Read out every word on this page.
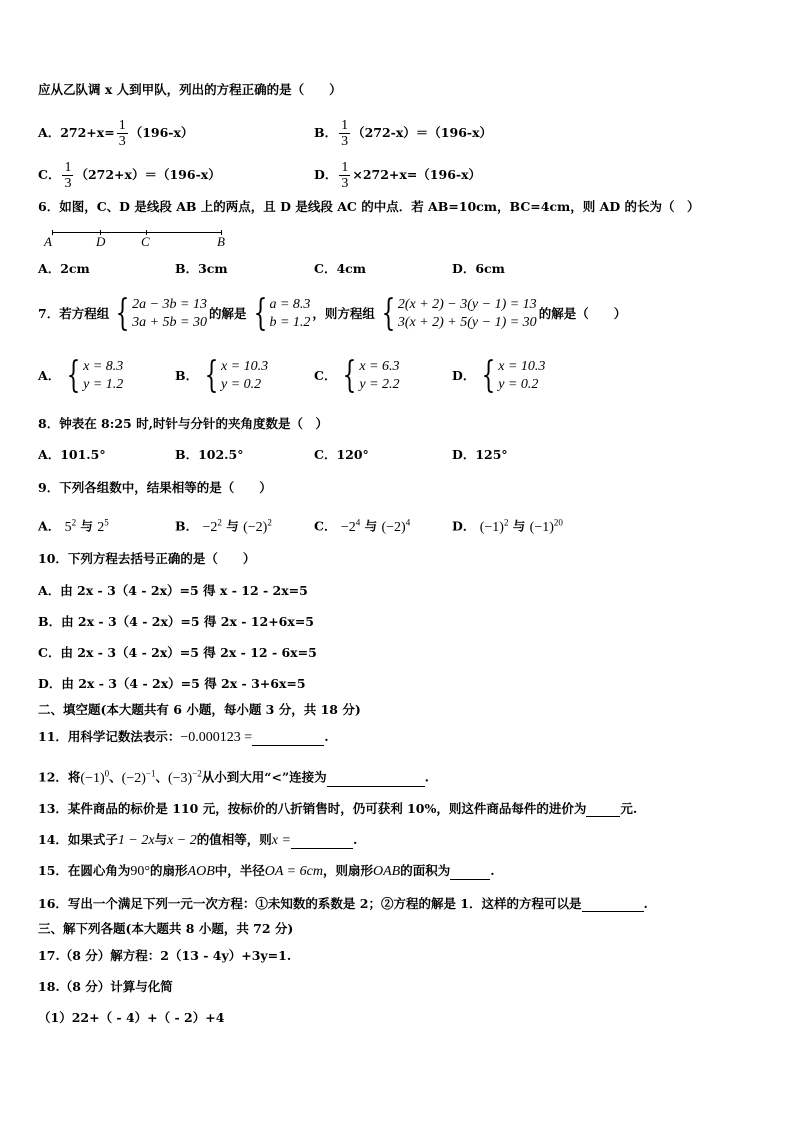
应从乙队调 x 人到甲队，列出的方程正确的是（　　）
A．$272+x= \frac{1}{3} (196-x)$	B． $\frac{1}{3} (272-x)=(196-x)$
C． $\frac{1}{3} (272+x)=(196-x)$	D． $\frac{1}{3} \times 272+x=(196-x)$
6．如图，C、D 是线段 AB 上的两点，且 D 是线段 AC 的中点．若 AB=10cm，BC=4cm，则 AD 的长为（　）
A	D	C	B
A．2cm	B．3cm	C．4cm	D．6cm
7．若方程组 { 2a − 3b = 13
3a + 5b = 30
的解是 { a = 8.3
b = 1.2
，则方程组 { 2(x + 2) − 3(y − 1) = 13
3(x + 2) + 5(y − 1) = 30
的解是（　　）
A． { x = 8.3
y = 1.2
B． { x = 10.3
y = 0.2
C． { x = 6.3
y = 2.2
D． { x = 10.3
y = 0.2
8．钟表在 8:25 时,时针与分针的夹角度数是（　）
A．101.5°	B．102.5°	C．120°	D．125°
9．下列各组数中，结果相等的是（　　）
A． $5^2$ 与 $2^5$	B． $-2^2$ 与 $(-2)^2$	C． $-2^4$ 与 $(-2)^4$	D． $(-1)^2$ 与 $(-1)^{20}$
10．下列方程去括号正确的是（　　）
A．由 2x - 3（4 - 2x）=5 得 x - 12 - 2x=5
B．由 2x - 3（4 - 2x）=5 得 2x - 12+6x=5
C．由 2x - 3（4 - 2x）=5 得 2x - 12 - 6x=5
D．由 2x - 3（4 - 2x）=5 得 2x - 3+6x=5
二、填空题(本大题共有 6 小题，每小题 3 分，共 18 分)
11．用科学记数法表示：−0.000123 =	.
12．将$(-1)^0$、$(-2)^{-1}$、$(-3)^{-2}$从小到大用“<”连接为	.
13．某件商品的标价是 110 元，按标价的八折销售时，仍可获利 10%，则这件商品每件的进价为	元.
14．如果式子1 − 2x与x − 2的值相等，则x =	.
15．在圆心角为90°的扇形AOB中，半径OA = 6cm，则扇形OAB的面积为	.
16．写出一个满足下列一元一次方程：①未知数的系数是 2；②方程的解是 1．这样的方程可以是	.
三、解下列各题(本大题共 8 小题，共 72 分)
17.（8 分）解方程：2（13 - 4y）+3y=1.
18.（8 分）计算与化简
（1）22+（ - 4）+（ - 2）+4
